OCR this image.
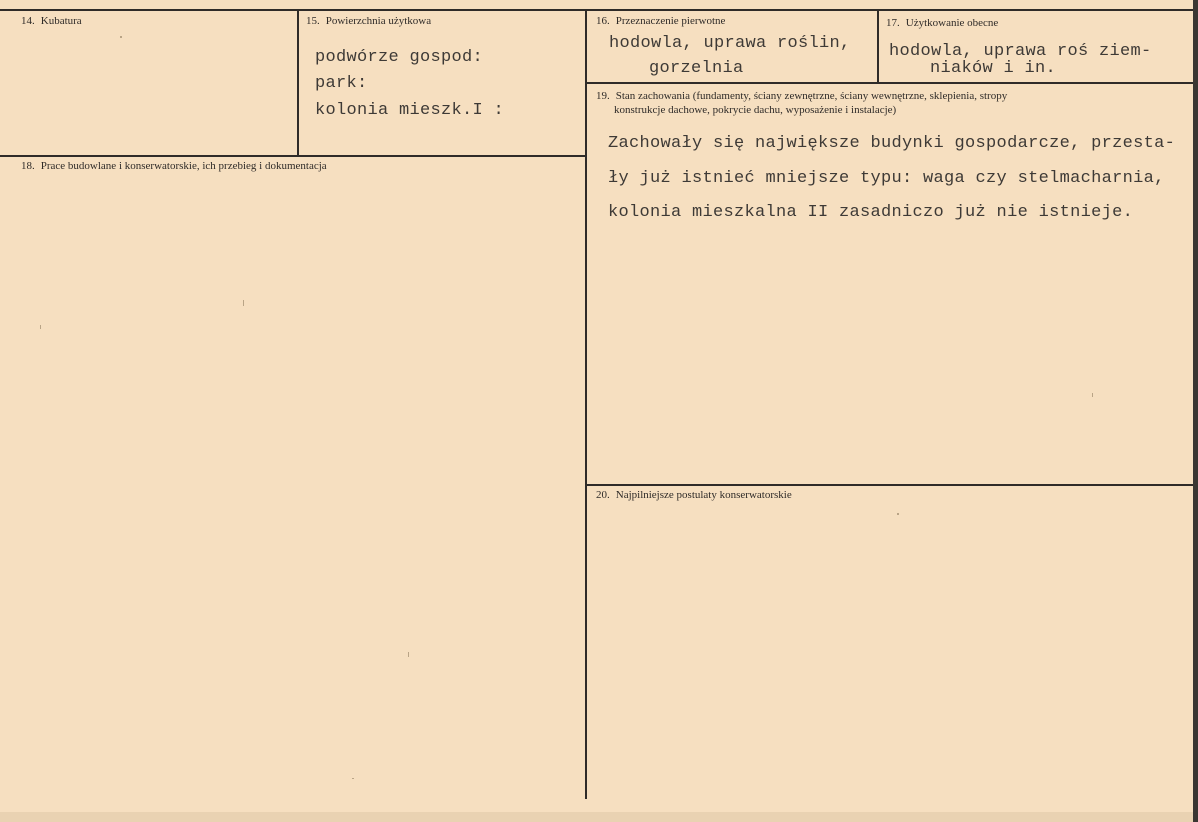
14. Kubatura	15. Powierzchnia użytkowa
podwórze gospod:
park:
kolonia mieszk.I :
16. Przeznaczenie pierwotne
hodowla, uprawa roślin,
gorzelnia
17. Użytkowanie obecne
hodowla, uprawa roś ziem-
niaków i in.
18. Prace budowlane i konserwatorskie, ich przebieg i dokumentacja
19. Stan zachowania (fundamenty, ściany zewnętrzne, ściany wewnętrzne, sklepienia, stropy
konstrukcje dachowe, pokrycie dachu, wyposażenie i instalacje)
Zachowały się największe budynki gospodarcze, przesta-
ły już istnieć mniejsze typu: waga czy stelmacharnia,
kolonia mieszkalna II zasadniczo już nie istnieje.
20. Najpilniejsze postulaty konserwatorskie
